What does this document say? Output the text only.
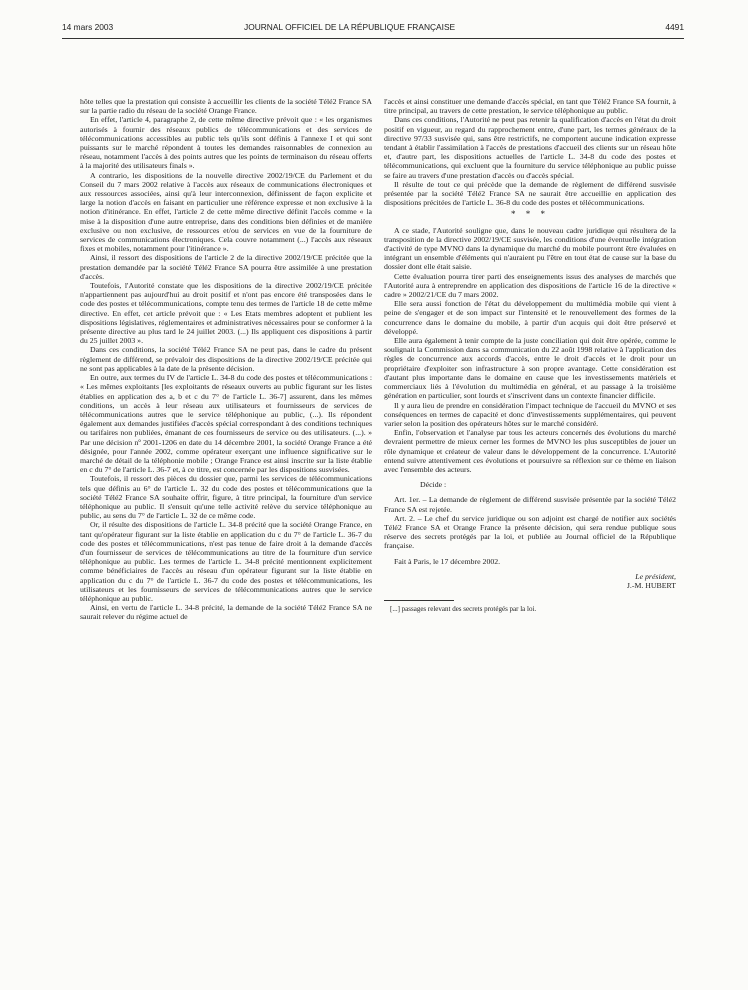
14 mars 2003	JOURNAL OFFICIEL DE LA RÉPUBLIQUE FRANÇAISE	4491

hôte telles que la prestation qui consiste à accueillir les clients de la société Télé2 France SA sur la partie radio du réseau de la société Orange France.

En effet, l'article 4, paragraphe 2, de cette même directive prévoit que : « les organismes autorisés à fournir des réseaux publics de télécommunications et des services de télécommunications accessibles au public tels qu'ils sont définis à l'annexe I et qui sont puissants sur le marché répondent à toutes les demandes raisonnables de connexion au réseau, notamment l'accès à des points autres que les points de terminaison du réseau offerts à la majorité des utilisateurs finals ».

A contrario, les dispositions de la nouvelle directive 2002/19/CE du Parlement et du Conseil du 7 mars 2002 relative à l'accès aux réseaux de communications électroniques et aux ressources associées, ainsi qu'à leur interconnexion, définissent de façon explicite et large la notion d'accès en faisant en particulier une référence expresse et non exclusive à la notion d'itinérance. En effet, l'article 2 de cette même directive définit l'accès comme « la mise à la disposition d'une autre entreprise, dans des conditions bien définies et de manière exclusive ou non exclusive, de ressources et/ou de services en vue de la fourniture de services de communications électroniques. Cela couvre notamment (...) l'accès aux réseaux fixes et mobiles, notamment pour l'itinérance ».

Ainsi, il ressort des dispositions de l'article 2 de la directive 2002/19/CE précitée que la prestation demandée par la société Télé2 France SA pourra être assimilée à une prestation d'accès.

Toutefois, l'Autorité constate que les dispositions de la directive 2002/19/CE précitée n'appartiennent pas aujourd'hui au droit positif et n'ont pas encore été transposées dans le code des postes et télécommunications, compte tenu des termes de l'article 18 de cette même directive. En effet, cet article prévoit que : « Les Etats membres adoptent et publient les dispositions législatives, réglementaires et administratives nécessaires pour se conformer à la présente directive au plus tard le 24 juillet 2003. (...) Ils appliquent ces dispositions à partir du 25 juillet 2003 ».

Dans ces conditions, la société Télé2 France SA ne peut pas, dans le cadre du présent règlement de différend, se prévaloir des dispositions de la directive 2002/19/CE précitée qui ne sont pas applicables à la date de la présente décision.

En outre, aux termes du IV de l'article L. 34-8 du code des postes et télécommunications : « Les mêmes exploitants [les exploitants de réseaux ouverts au public figurant sur les listes établies en application des a, b et c du 7° de l'article L. 36-7] assurent, dans les mêmes conditions, un accès à leur réseau aux utilisateurs et fournisseurs de services de télécommunications autres que le service téléphonique au public, (...). Ils répondent également aux demandes justifiées d'accès spécial correspondant à des conditions techniques ou tarifaires non publiées, émanant de ces fournisseurs de service ou des utilisateurs. (...). » Par une décision nº 2001-1206 en date du 14 décembre 2001, la société Orange France a été désignée, pour l'année 2002, comme opérateur exerçant une influence significative sur le marché de détail de la téléphonie mobile ; Orange France est ainsi inscrite sur la liste établie en c du 7° de l'article L. 36-7 et, à ce titre, est concernée par les dispositions susvisées.

Toutefois, il ressort des pièces du dossier que, parmi les services de télécommunications tels que définis au 6° de l'article L. 32 du code des postes et télécommunications que la société Télé2 France SA souhaite offrir, figure, à titre principal, la fourniture d'un service téléphonique au public. Il s'ensuit qu'une telle activité relève du service téléphonique au public, au sens du 7° de l'article L. 32 de ce même code.

Or, il résulte des dispositions de l'article L. 34-8 précité que la société Orange France, en tant qu'opérateur figurant sur la liste établie en application du c du 7° de l'article L. 36-7 du code des postes et télécommunications, n'est pas tenue de faire droit à la demande d'accès d'un fournisseur de services de télécommunications au titre de la fourniture d'un service téléphonique au public. Les termes de l'article L. 34-8 précité mentionnent explicitement comme bénéficiaires de l'accès au réseau d'un opérateur figurant sur la liste établie en application du c du 7° de l'article L. 36-7 du code des postes et télécommunications, les utilisateurs et les fournisseurs de services de télécommunications autres que le service téléphonique au public.

Ainsi, en vertu de l'article L. 34-8 précité, la demande de la société Télé2 France SA ne saurait relever du régime actuel de

l'accès et ainsi constituer une demande d'accès spécial, en tant que Télé2 France SA fournit, à titre principal, au travers de cette prestation, le service téléphonique au public.

Dans ces conditions, l'Autorité ne peut pas retenir la qualification d'accès en l'état du droit positif en vigueur, au regard du rapprochement entre, d'une part, les termes généraux de la directive 97/33 susvisée qui, sans être restrictifs, ne comportent aucune indication expresse tendant à établir l'assimilation à l'accès de prestations d'accueil des clients sur un réseau hôte et, d'autre part, les dispositions actuelles de l'article L. 34-8 du code des postes et télécommunications, qui excluent que la fourniture du service téléphonique au public puisse se faire au travers d'une prestation d'accès ou d'accès spécial.

Il résulte de tout ce qui précède que la demande de règlement de différend susvisée présentée par la société Télé2 France SA ne saurait être accueillie en application des dispositions précitées de l'article L. 36-8 du code des postes et télécommunications.

* * *

A ce stade, l'Autorité souligne que, dans le nouveau cadre juridique qui résultera de la transposition de la directive 2002/19/CE susvisée, les conditions d'une éventuelle intégration d'activité de type MVNO dans la dynamique du marché du mobile pourront être évaluées en intégrant un ensemble d'éléments qui n'auraient pu l'être en tout état de cause sur la base du dossier dont elle était saisie.

Cette évaluation pourra tirer parti des enseignements issus des analyses de marchés que l'Autorité aura à entreprendre en application des dispositions de l'article 16 de la directive « cadre » 2002/21/CE du 7 mars 2002.

Elle sera aussi fonction de l'état du développement du multimédia mobile qui vient à peine de s'engager et de son impact sur l'intensité et le renouvellement des formes de la concurrence dans le domaine du mobile, à partir d'un acquis qui doit être préservé et développé.

Elle aura également à tenir compte de la juste conciliation qui doit être opérée, comme le soulignait la Commission dans sa communication du 22 août 1998 relative à l'application des règles de concurrence aux accords d'accès, entre le droit d'accès et le droit pour un propriétaire d'exploiter son infrastructure à son propre avantage. Cette considération est d'autant plus importante dans le domaine en cause que les investissements matériels et commerciaux liés à l'évolution du multimédia en général, et au passage à la troisième génération en particulier, sont lourds et s'inscrivent dans un contexte financier difficile.

Il y aura lieu de prendre en considération l'impact technique de l'accueil du MVNO et ses conséquences en termes de capacité et donc d'investissements supplémentaires, qui peuvent varier selon la position des opérateurs hôtes sur le marché considéré.

Enfin, l'observation et l'analyse par tous les acteurs concernés des évolutions du marché devraient permettre de mieux cerner les formes de MVNO les plus susceptibles de jouer un rôle dynamique et créateur de valeur dans le développement de la concurrence. L'Autorité entend suivre attentivement ces évolutions et poursuivre sa réflexion sur ce thème en liaison avec l'ensemble des acteurs.

Décide :

Art. 1er. – La demande de règlement de différend susvisée présentée par la société Télé2 France SA est rejetée.

Art. 2. – Le chef du service juridique ou son adjoint est chargé de notifier aux sociétés Télé2 France SA et Orange France la présente décision, qui sera rendue publique sous réserve des secrets protégés par la loi, et publiée au Journal officiel de la République française.

Fait à Paris, le 17 décembre 2002.

Le président,

J.-M. HUBERT

[...] passages relevant des secrets protégés par la loi.
